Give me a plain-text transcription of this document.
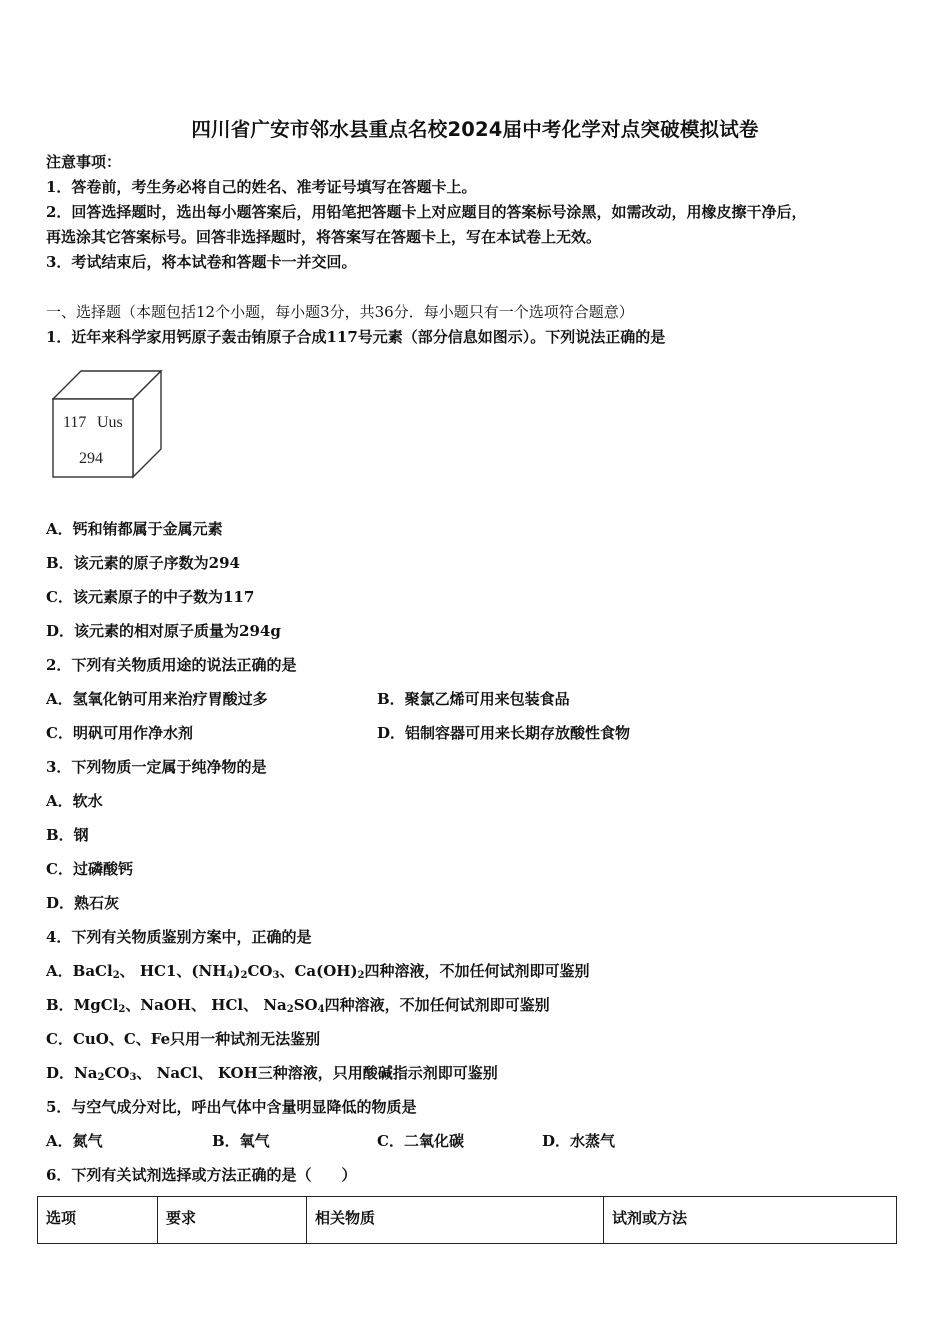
四川省广安市邻水县重点名校2024届中考化学对点突破模拟试卷
注意事项：
1．答卷前，考生务必将自己的姓名、准考证号填写在答题卡上。
2．回答选择题时，选出每小题答案后，用铅笔把答题卡上对应题目的答案标号涂黑，如需改动，用橡皮擦干净后，
再选涂其它答案标号。回答非选择题时，将答案写在答题卡上，写在本试卷上无效。
3．考试结束后，将本试卷和答题卡一并交回。
一、选择题（本题包括12个小题，每小题3分，共36分．每小题只有一个选项符合题意）
1．近年来科学家用钙原子轰击铕原子合成117号元素（部分信息如图示）。下列说法正确的是
117 Uus
294
A．钙和铕都属于金属元素
B．该元素的原子序数为294
C．该元素原子的中子数为117
D．该元素的相对原子质量为294g
2．下列有关物质用途的说法正确的是
A．氢氧化钠可用来治疗胃酸过多	B．聚氯乙烯可用来包装食品
C．明矾可用作净水剂	D．铝制容器可用来长期存放酸性食物
3．下列物质一定属于纯净物的是
A．软水
B．钢
C．过磷酸钙
D．熟石灰
4．下列有关物质鉴别方案中，正确的是
A．BaCl$_2$、 HC1、$(NH_4)_2CO_3$、$Ca(OH)_2$四种溶液，不加任何试剂即可鉴别
B．MgCl$_2$、NaOH、 HCl、 $Na_2SO_4$四种溶液，不加任何试剂即可鉴别
C．CuO、C、Fe只用一种试剂无法鉴别
D．$Na_2CO_3$、 NaCl、 KOH三种溶液，只用酸碱指示剂即可鉴别
5．与空气成分对比，呼出气体中含量明显降低的物质是
A．氮气	B．氧气	C．二氧化碳	D．水蒸气
6．下列有关试剂选择或方法正确的是（　　）
选项	要求	相关物质	试剂或方法
